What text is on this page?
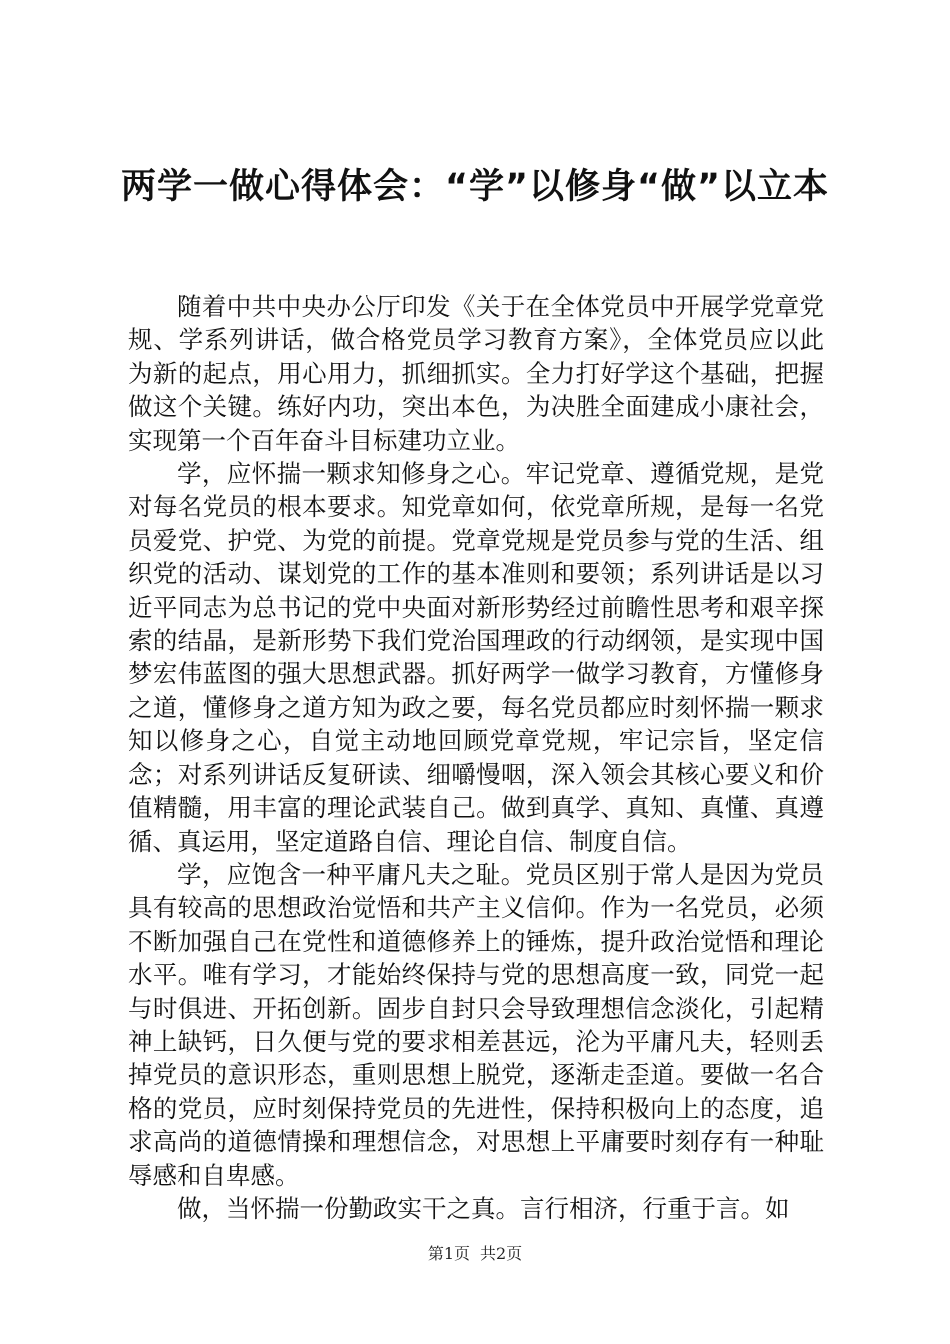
两学一做心得体会：“学”以修身“做”以立本

随着中共中央办公厅印发《关于在全体党员中开展学党章党规、学系列讲话，做合格党员学习教育方案》，全体党员应以此为新的起点，用心用力，抓细抓实。全力打好学这个基础，把握做这个关键。练好内功，突出本色，为决胜全面建成小康社会，实现第一个百年奋斗目标建功立业。

学，应怀揣一颗求知修身之心。牢记党章、遵循党规，是党对每名党员的根本要求。知党章如何，依党章所规，是每一名党员爱党、护党、为党的前提。党章党规是党员参与党的生活、组织党的活动、谋划党的工作的基本准则和要领；系列讲话是以习近平同志为总书记的党中央面对新形势经过前瞻性思考和艰辛探索的结晶，是新形势下我们党治国理政的行动纲领，是实现中国梦宏伟蓝图的强大思想武器。抓好两学一做学习教育，方懂修身之道，懂修身之道方知为政之要，每名党员都应时刻怀揣一颗求知以修身之心，自觉主动地回顾党章党规，牢记宗旨，坚定信念；对系列讲话反复研读、细嚼慢咽，深入领会其核心要义和价值精髓，用丰富的理论武装自己。做到真学、真知、真懂、真遵循、真运用，坚定道路自信、理论自信、制度自信。

学，应饱含一种平庸凡夫之耻。党员区别于常人是因为党员具有较高的思想政治觉悟和共产主义信仰。作为一名党员，必须不断加强自己在党性和道德修养上的锤炼，提升政治觉悟和理论水平。唯有学习，才能始终保持与党的思想高度一致，同党一起与时俱进、开拓创新。固步自封只会导致理想信念淡化，引起精神上缺钙，日久便与党的要求相差甚远，沦为平庸凡夫，轻则丢掉党员的意识形态，重则思想上脱党，逐渐走歪道。要做一名合格的党员，应时刻保持党员的先进性，保持积极向上的态度，追求高尚的道德情操和理想信念，对思想上平庸要时刻存有一种耻辱感和自卑感。

做，当怀揣一份勤政实干之真。言行相济，行重于言。如

第1页 共2页
